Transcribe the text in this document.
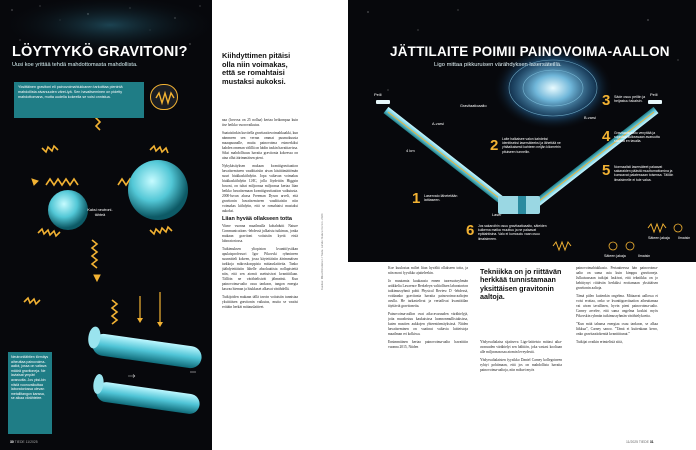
LÖYTYYKÖ GRAVITONI?
Uusi koe yrittää tehdä mahdottomasta mahdollista.
Yksittäinen gravitoni eli painovoimahiukkanen tarkoittaa pienintä mahdollista aivanuuden värei-lyä. Sen havaitseminen on pidetty mahdottomana, mutta uudella kokeella se voisi onnistua.
Kaksi neutroni-tähteä
Neutronitähtien törmäys aiheuttaa painovoima-aallot, jossa on valtava määrä gravitoneja. Ne laviaisat ympäri avaruutta. Jos yksi-kin niistä vuorovaikuttaa laboratoriossa olevan metallitangon kanssa, se aikaa värähtelee.
30 TIEDE 11/2025
Kiihdyttimen pitäisi olla niin voimakas, että se romahtaisi mustaksi aukoksi.

naa (lorvosa on 25 nollaa) kertaa heikompaa kuin itse heikko vuorovaikutus.

Saataisiinkin kuvitella gravitaatiovoimahkaakki, kun nämmeen sen verran ommat puumokuusta maaapuunalle, mutta painovoima esimerkiksi kahden omenan välillä on hädin tuskin havaittavissa. Siksi mahdollisuus havaita gravitonia kokeessa on aina ollut äärimmäisen pieni.

Nykykäsityksen mukaan kvanttigravitaation havaitsemiseen vaadittaisiin aivan käsittämättömän suuri hiukkaskiihdytin. Jopa valtavan voimakas hiukkaskiihdytin LHC, jolla löydettiin Higgsin bosoni, on tuhat miljoonaa miljoonaa kertaa liian heikko havaitsemaan kvanttigravitaation vaikutusta. 2000-luvun alussa Freeman Dyson arveli, että gravitonin havaitsemiseen vaadittaisiin niin voimakas kiihdytin, että se romahtaisi mustaksi aukoksi.

Liian hyvää ollakseen totta

Viime vuonna maailmalla kohahdutti Nature Communications -lehdessä julkaistu tutkimus, jonka mukaan gravitoni voitaisiin kyetä etsiä laboratoriossa.

Tutkimuksen yliopiston kvanttifysiikan apulaisprofessori Igor Pikovski ryhmineen suunnitteli kokeen, jossa käytettäisiin äärimmäisen tarkkoja mikroskooppisia mittauslaitteita. Tanko jäähdytettäisiin lähelle absoluuttista nollapistettä niin, että sen atomit asettuisivat kvanttitilaan. Tällöin ne värähtelisivät jähmeästi. Kun painovoima-aalto osuu tankoon, tangon energia kasvaa hieman ja hiukkaset alkavat värähdellä.

Tutkijoiden mukaan tällä tavoin voitaisiin tunnistaa yksittäisen gravitonin vaikutus, mutta se vaatisi erittäin herkät mittauslaitteet.

Kuvitus: Mika Riiheläinen / Tiede. Lähde: Nature Comm. 2024
JÄTTILAITE POIMII PAINOVOIMA-AALLON
Ligo mittaa pikkuruisen värähdyksen lasersäteillä.
Peili	Peili
A-varsi
B-varsi
Gravitaatioaalto
4 km
1 Laservalo lähetetään lattiaseen.
2 Laite halkaisee valon kahdeksi identtiseksi lasersäteeksi ja lähettää ne yhtäaikaisesti kahteen neljän kilometrin pituiseen tunneliin.
3 Säde osuu peiliin ja heijastuu takaisin.
4 Gravitaatioaalto venyttää ja supistaa kulkeasaan avaruutta sakaria en tavalla.
5 Normaalisti lasersäteet palaavat sakaraiden päästä muuttumattomina ja kumoavat palatessaan toisensa. Tällöin ilmaisimelle ei tule valoa.
6 Jos sakaroihin osuu gravitaatioaalto, säteiden kulkema matka muuttuu ja ne palaavat epätahtisina. Valo ei kumoudu vaan osuu ilmaisimeen.
Laser
Säteen jakaja	Ilmaisin
Säteen jakaja Ilmaisin

Koe kuulostaa miltei liian hyvältä ollakseen totta, ja niin moni fyysikko ajatteleekin.

Jo muutamia kuukausia ennen tuoreuaisryhmän artikkelia Lawrence Berkeleyn valtiollisen laboratorion tutkimusryhmä pohti Physical Review D -lehdessä, voidaanko gravitonia havaita painovoima-aaltojen avulla. He tarkastelivat ja vertailivat kvanttitilan täyttäviä gravitoneita.

Painovoima-aallon ovat aika-avaruuden värähtelyjä, joita muodostuu kaukaisissa luonnonmullistuksissa, kuten mustien aukkojen yhteentörmäyksissä. Niiden havaitseminen on vaatinut valtavia laitteistoja maailman eri kolkissa.

Ensimmäinen kertaa painovoima-aalto havaittiin vuonna 2015, Niiden

Tekniikka on jo riittävän herkkää tunnistamaan yksittäisen gravitonin aaltoja.

Yhdysvaltalaisa sijaitseva Ligo-laitteisto mittasi aika-avaruuden värähtelyt sen hälttiön, joka vastasi kooltaan alle miljoonasosaa atomin leveydestä.

Yhdysvaltalaisten fyysikko Daniel Carney kollegoineen ryhtyi pohtimaan, että jos on mahdollista havaita painovoima-aaltoja, niin miksei myös

painovoimahiukkasia. Periaatteessa hän painovoima-aalto on sama asia kuin kimppu gravitoneja. Julkaisussaan tutkijat laskivat, että tekniikka on jo kehittynyt riittävän herkäksi erottamaan yksittäisen gravitonin aaltoja.

Tämä piileo kuitenkin ongelma. Mittaavat aallossa ei voisi erottaa, onko se kvanttigravitaation aiheuttamaa vai aivan tavallinen, hyvin pieni painovoima-aalto. Carney arvelee, että sama ongelma koskisi myös Pikovskin ryhmän tutkimusryhmän värähtelykoetta.

”Kun mitä tahansa energiaa osuu tankoon, se alkaa liikkua”, Carney sanoo. ”Tämä ei kuitenkaan kerro, onko gravitaatiokenttä kvanttittunut.”

Tutkijat ovatkin erimielisiä siitä,

11/2025 TIEDE 31
